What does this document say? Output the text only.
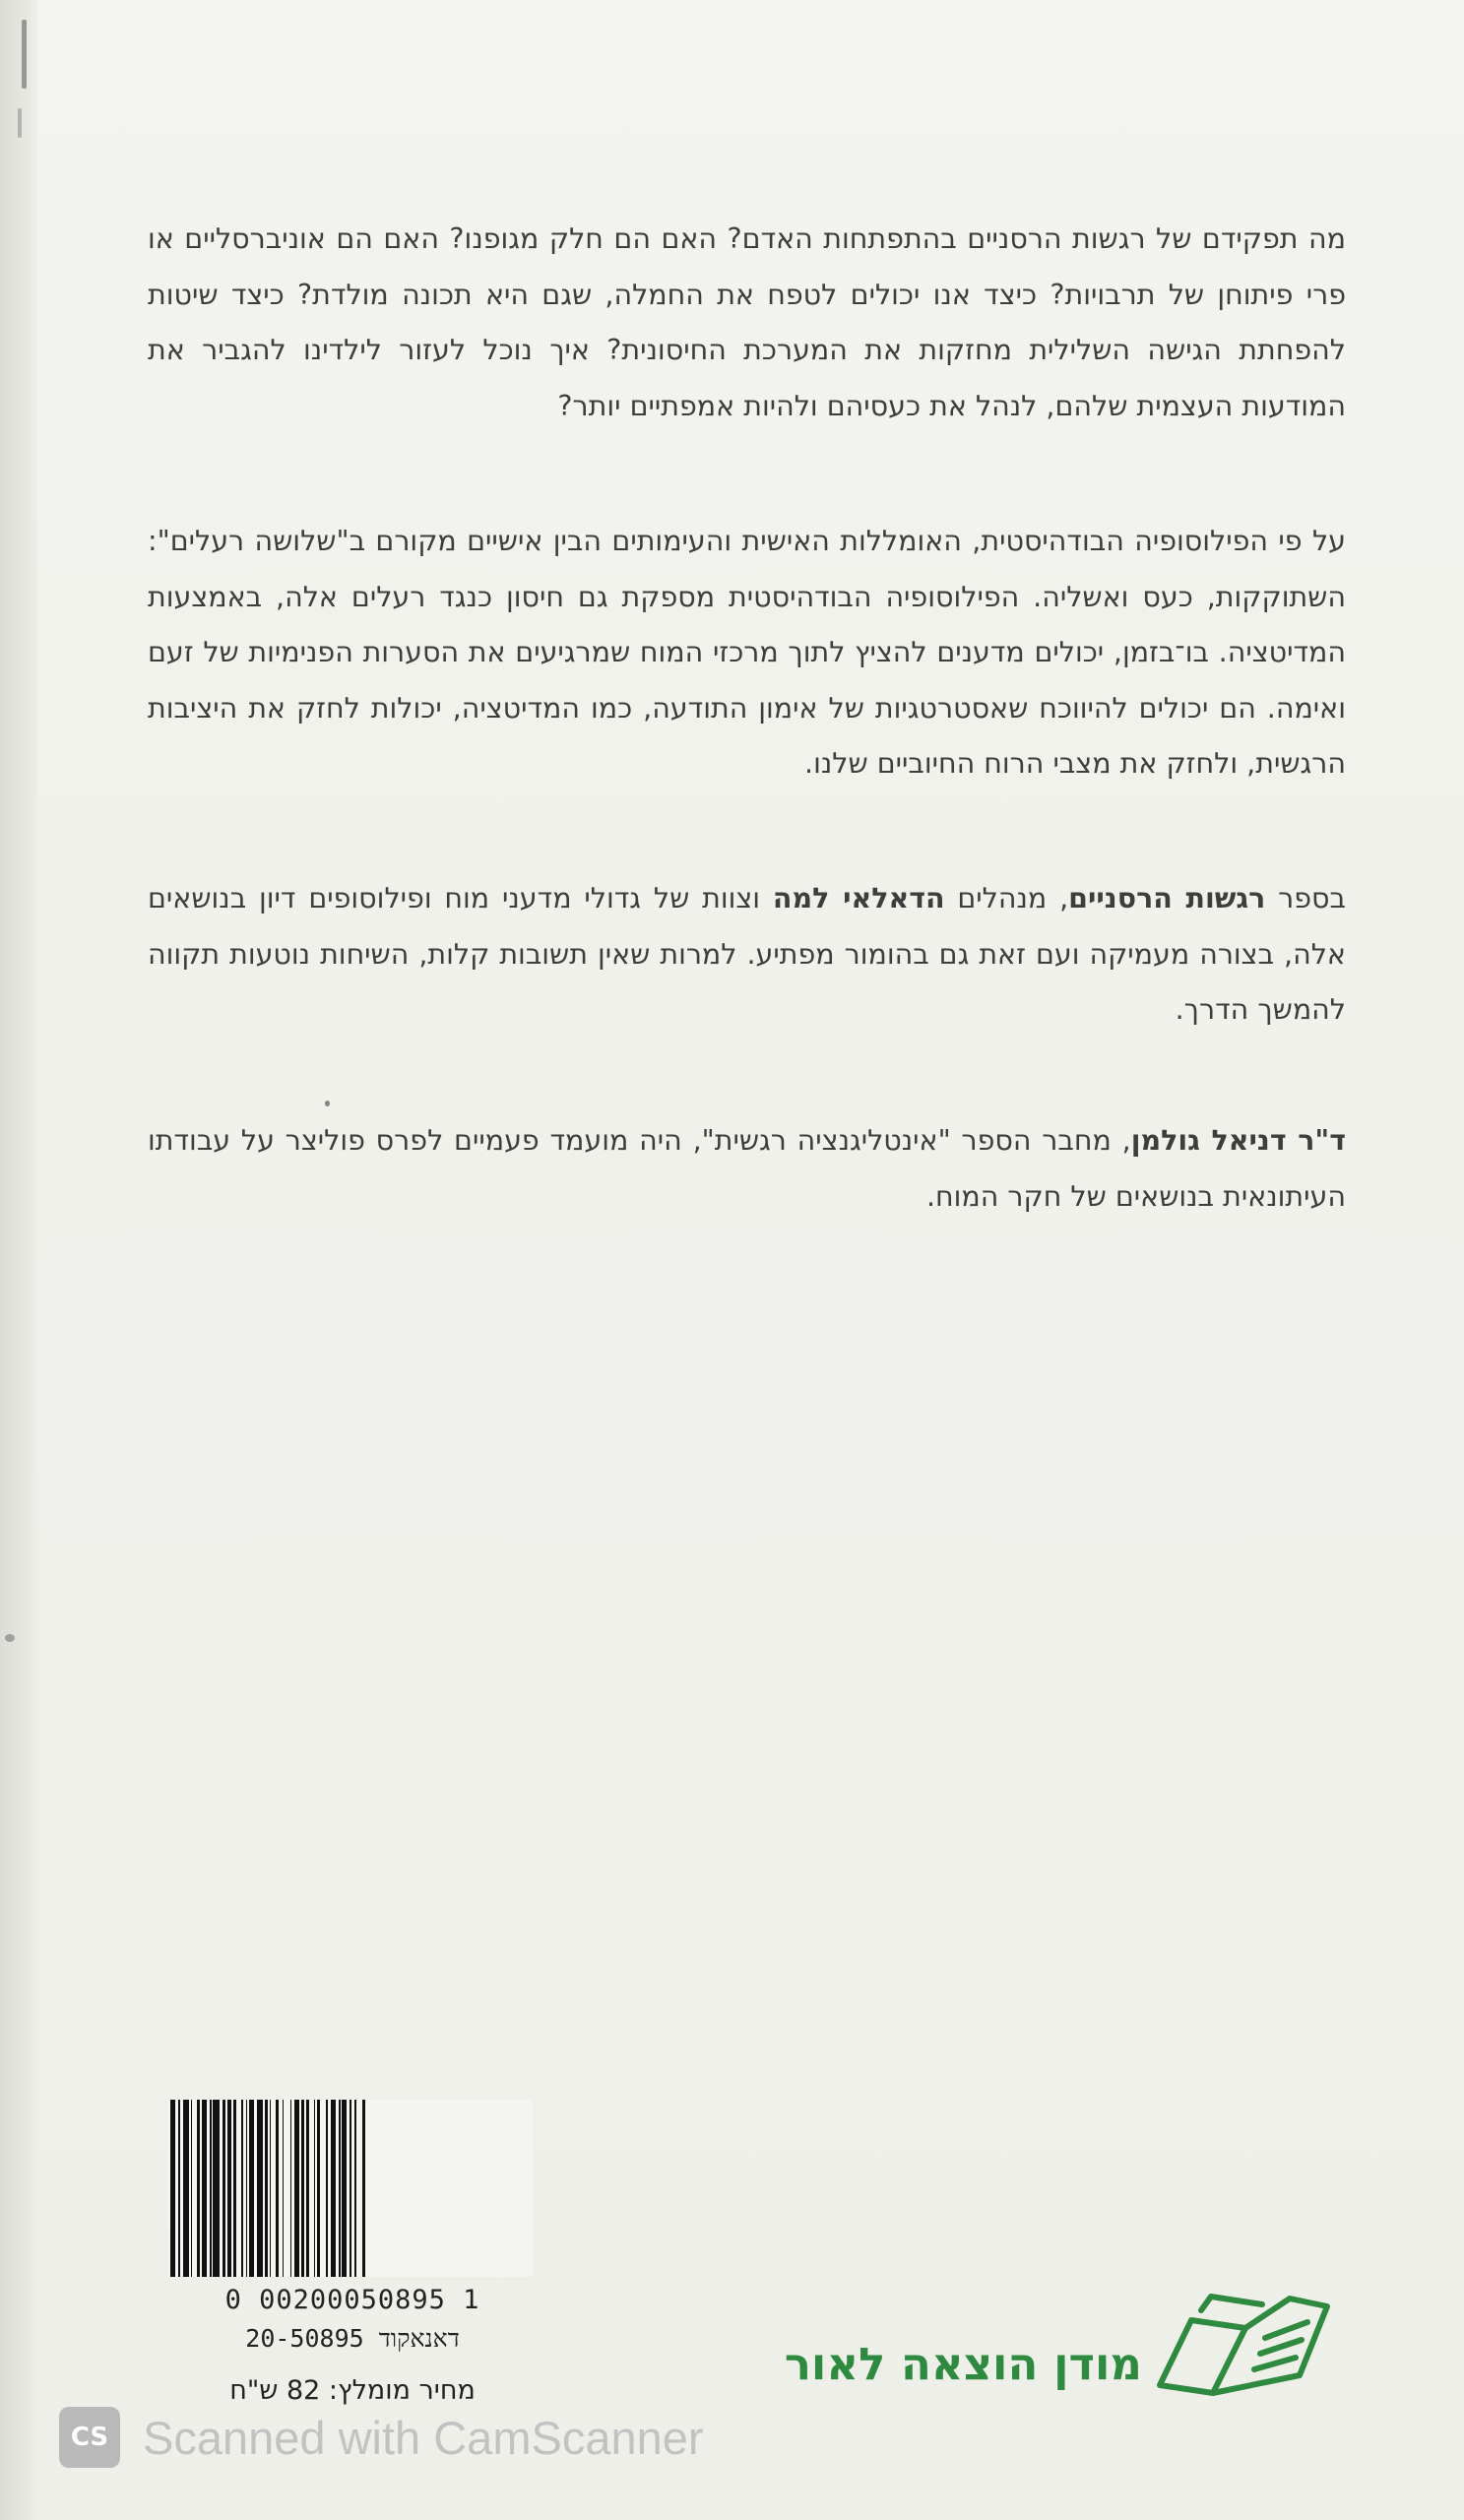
מה תפקידם של רגשות הרסניים בהתפתחות האדם? האם הם חלק מגופנו? האם הם אוניברסליים או פרי פיתוחן של תרבויות? כיצד אנו יכולים לטפח את החמלה, שגם היא תכונה מולדת? כיצד שיטות להפחתת הגישה השלילית מחזקות את המערכת החיסונית? איך נוכל לעזור לילדינו להגביר את המודעות העצמית שלהם, לנהל את כעסיהם ולהיות אמפתיים יותר?

על פי הפילוסופיה הבודהיסטית, האומללות האישית והעימותים הבין אישיים מקורם ב"שלושה רעלים": השתוקקות, כעס ואשליה. הפילוסופיה הבודהיסטית מספקת גם חיסון כנגד רעלים אלה, באמצעות המדיטציה. בו־בזמן, יכולים מדענים להציץ לתוך מרכזי המוח שמרגיעים את הסערות הפנימיות של זעם ואימה. הם יכולים להיווכח שאסטרטגיות של אימון התודעה, כמו המדיטציה, יכולות לחזק את היציבות הרגשית, ולחזק את מצבי הרוח החיוביים שלנו.

בספר רגשות הרסניים, מנהלים הדאלאי למה וצוות של גדולי מדעני מוח ופילוסופים דיון בנושאים אלה, בצורה מעמיקה ועם זאת גם בהומור מפתיע. למרות שאין תשובות קלות, השיחות נוטעות תקווה להמשך הדרך.

ד"ר דניאל גולמן, מחבר הספר "אינטליגנציה רגשית", היה מועמד פעמיים לפרס פוליצר על עבודתו העיתונאית בנושאים של חקר המוח.

0 00200050895 1
דאנאקוד 20-50895
מחיר מומלץ: 82 ש"ח
מודן הוצאה לאור
CS Scanned with CamScanner
